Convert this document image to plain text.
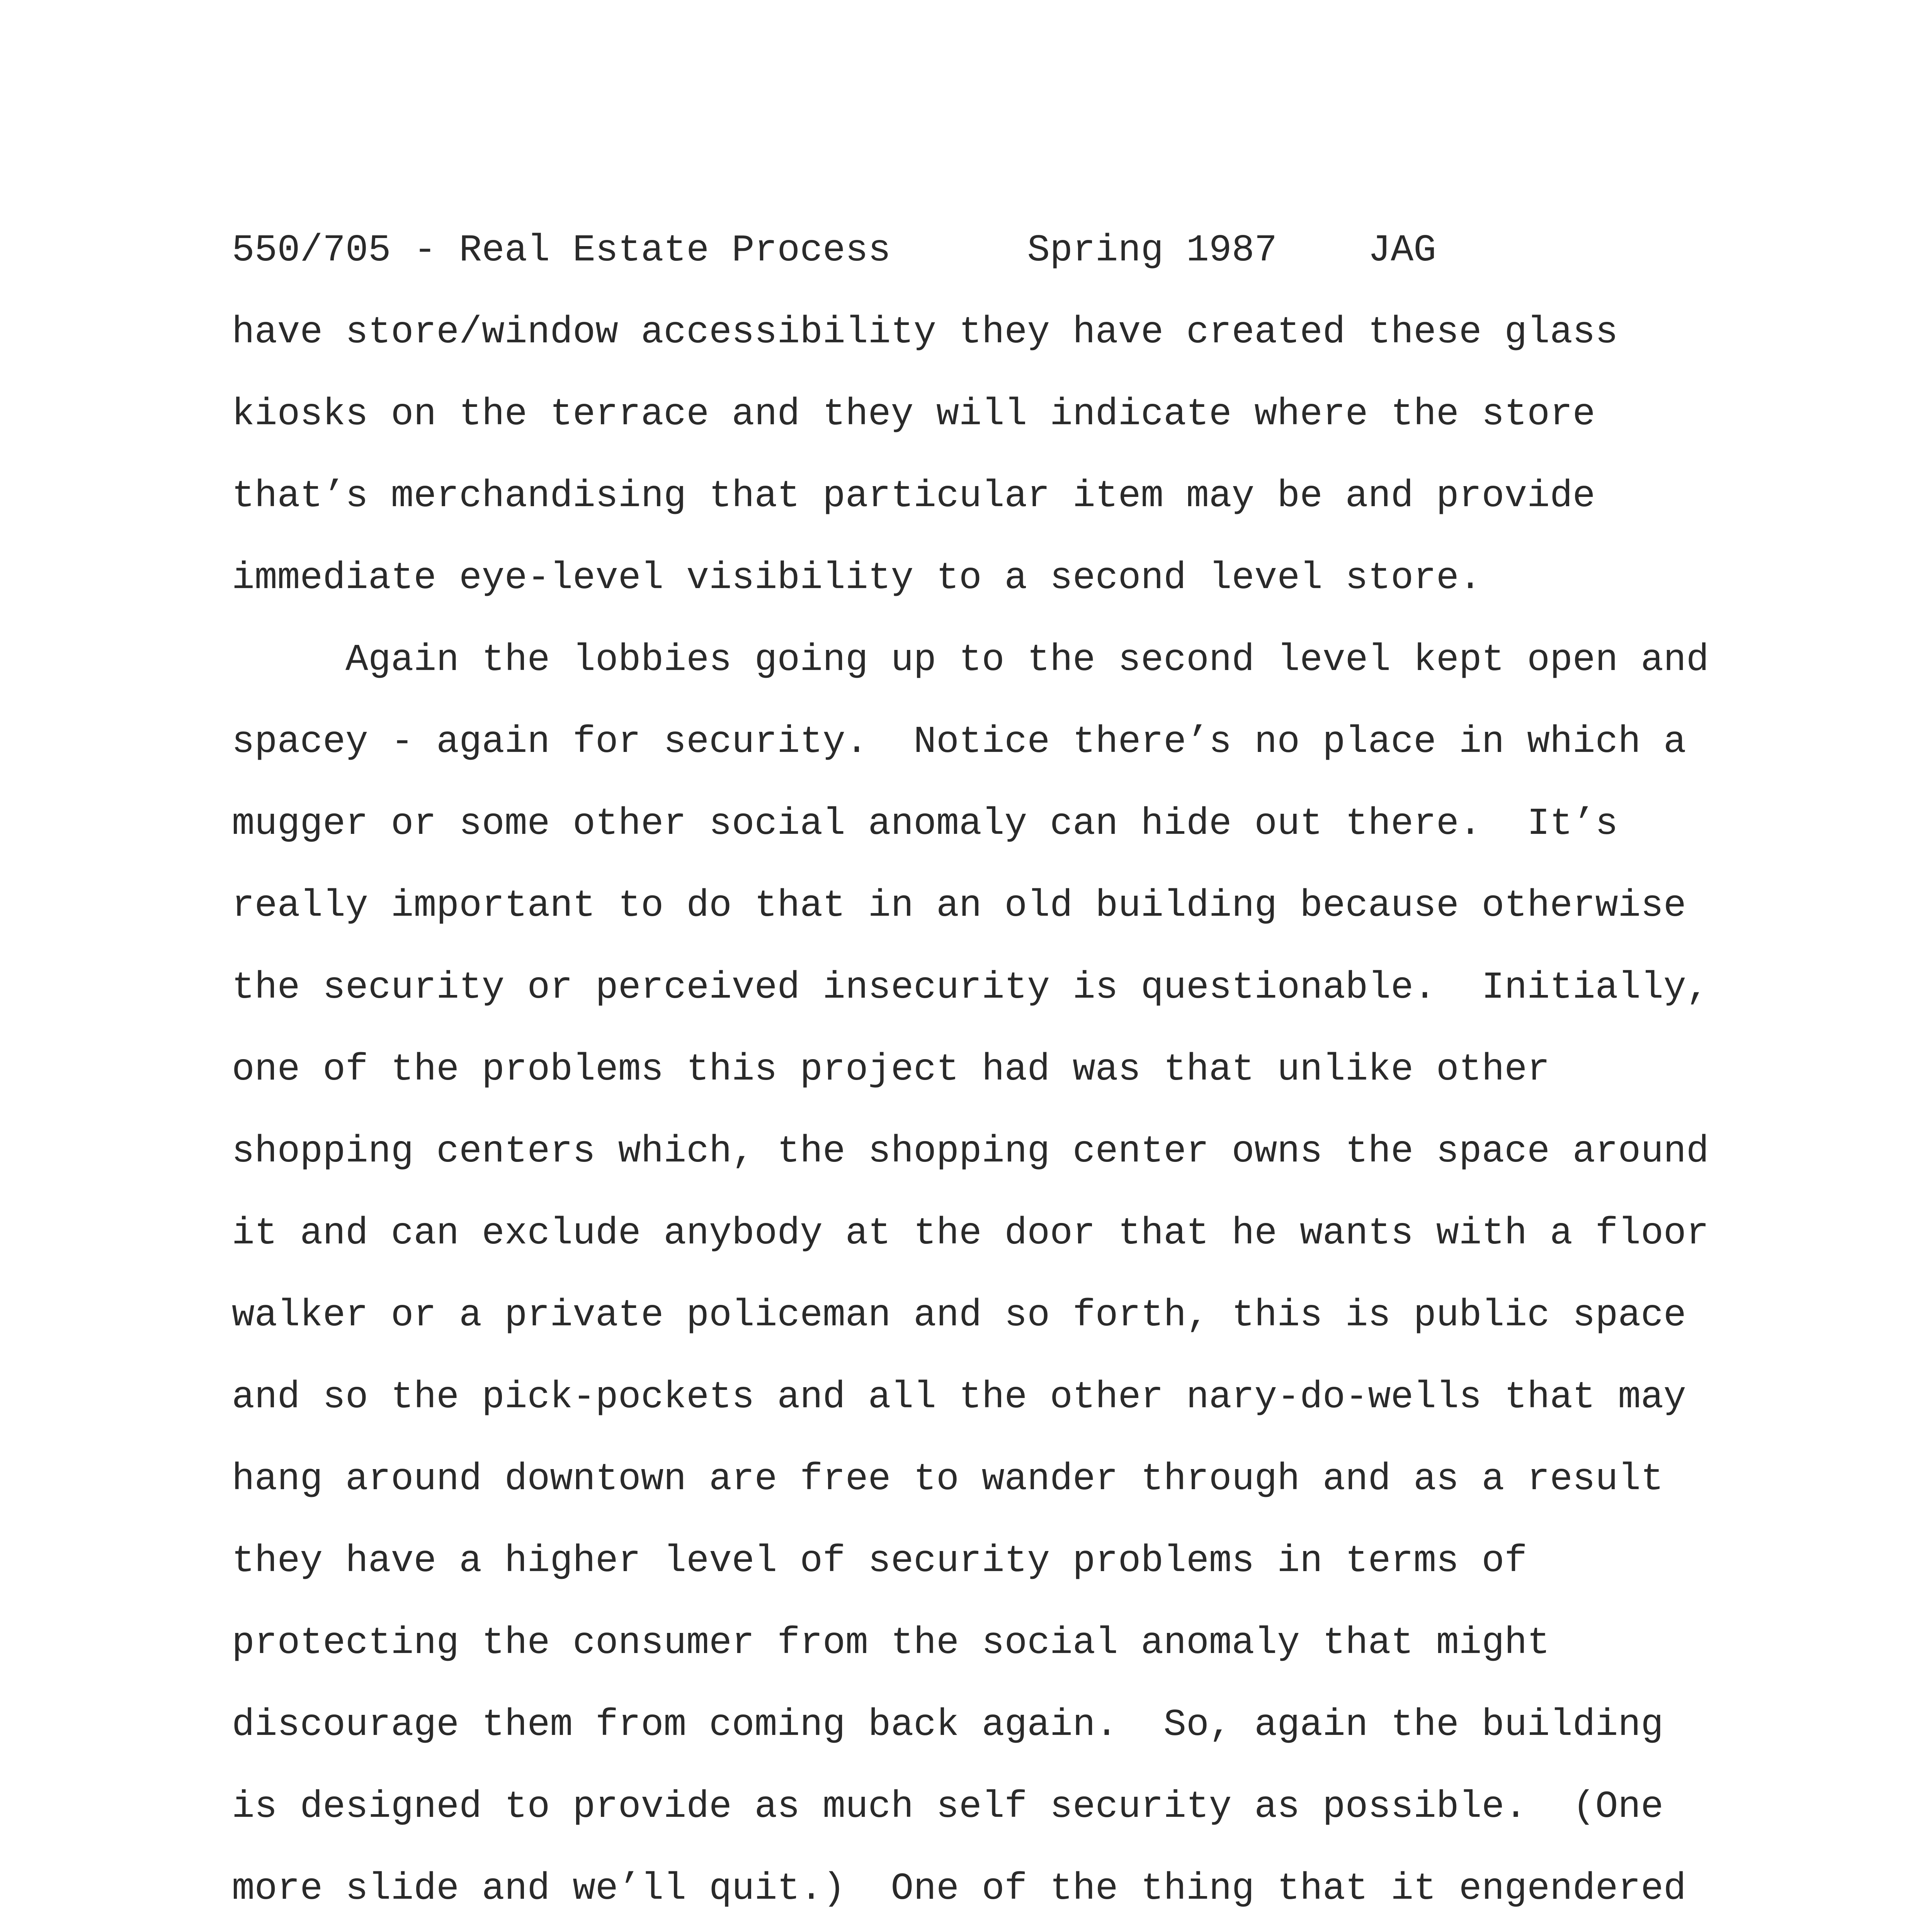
550/705 - Real Estate Process      Spring 1987    JAG
have store/window accessibility they have created these glass
kiosks on the terrace and they will indicate where the store
that’s merchandising that particular item may be and provide
immediate eye-level visibility to a second level store.
Again the lobbies going up to the second level kept open and
spacey - again for security.  Notice there’s no place in which a
mugger or some other social anomaly can hide out there.  It’s
really important to do that in an old building because otherwise
the security or perceived insecurity is questionable.  Initially,
one of the problems this project had was that unlike other
shopping centers which, the shopping center owns the space around
it and can exclude anybody at the door that he wants with a floor
walker or a private policeman and so forth, this is public space
and so the pick-pockets and all the other nary-do-wells that may
hang around downtown are free to wander through and as a result
they have a higher level of security problems in terms of
protecting the consumer from the social anomaly that might
discourage them from coming back again.  So, again the building
is designed to provide as much self security as possible.  (One
more slide and we’ll quit.)  One of the thing that it engendered
